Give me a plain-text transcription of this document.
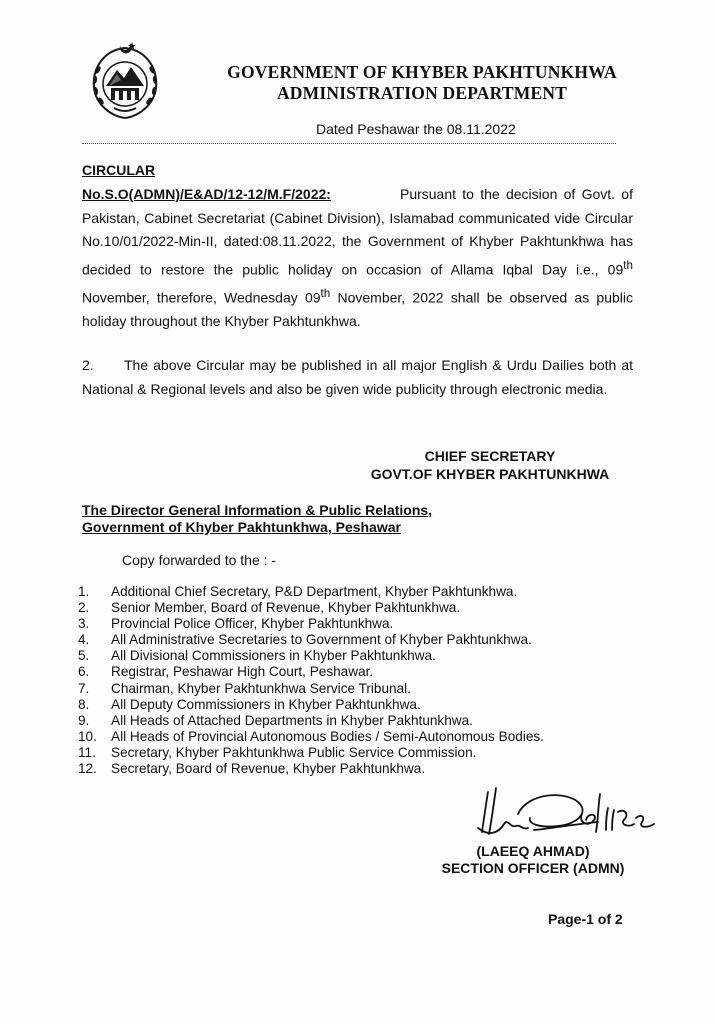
GOVERNMENT OF KHYBER PAKHTUNKHWA
ADMINISTRATION DEPARTMENT
Dated Peshawar the 08.11.2022
CIRCULAR
No.S.O(ADMN)/E&AD/12-12/M.F/2022:	Pursuant to the decision of Govt. of Pakistan, Cabinet Secretariat (Cabinet Division), Islamabad communicated vide Circular No.10/01/2022-Min-II, dated:08.11.2022, the Government of Khyber Pakhtunkhwa has decided to restore the public holiday on occasion of Allama Iqbal Day i.e., 09th November, therefore, Wednesday 09th November, 2022 shall be observed as public holiday throughout the Khyber Pakhtunkhwa.
2. The above Circular may be published in all major English & Urdu Dailies both at National & Regional levels and also be given wide publicity through electronic media.
CHIEF SECRETARY
GOVT.OF KHYBER PAKHTUNKHWA
The Director General Information & Public Relations,
Government of Khyber Pakhtunkhwa, Peshawar
Copy forwarded to the : -
1.	Additional Chief Secretary, P&D Department, Khyber Pakhtunkhwa.
2.	Senior Member, Board of Revenue, Khyber Pakhtunkhwa.
3.	Provincial Police Officer, Khyber Pakhtunkhwa.
4.	All Administrative Secretaries to Government of Khyber Pakhtunkhwa.
5.	All Divisional Commissioners in Khyber Pakhtunkhwa.
6.	Registrar, Peshawar High Court, Peshawar.
7.	Chairman, Khyber Pakhtunkhwa Service Tribunal.
8.	All Deputy Commissioners in Khyber Pakhtunkhwa.
9.	All Heads of Attached Departments in Khyber Pakhtunkhwa.
10.	All Heads of Provincial Autonomous Bodies / Semi-Autonomous Bodies.
11.	Secretary, Khyber Pakhtunkhwa Public Service Commission.
12.	Secretary, Board of Revenue, Khyber Pakhtunkhwa.
(LAEEQ AHMAD)
SECTION OFFICER (ADMN)
Page-1 of 2
